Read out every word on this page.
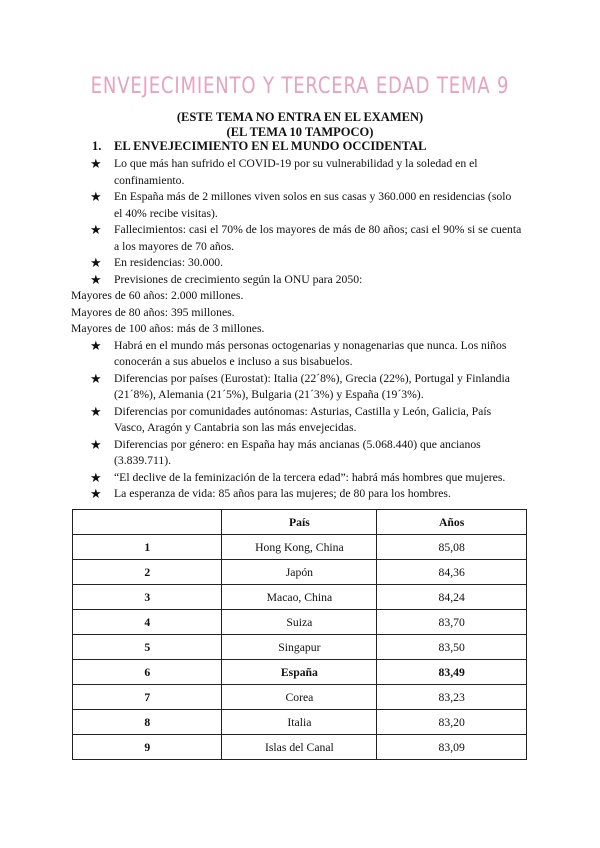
ENVEJECIMIENTO Y TERCERA EDAD TEMA 9
(ESTE TEMA NO ENTRA EN EL EXAMEN)
(EL TEMA 10 TAMPOCO)
1. EL ENVEJECIMIENTO EN EL MUNDO OCCIDENTAL
★ Lo que más han sufrido el COVID-19 por su vulnerabilidad y la soledad en el confinamiento.
★ En España más de 2 millones viven solos en sus casas y 360.000 en residencias (solo el 40% recibe visitas).
★ Fallecimientos: casi el 70% de los mayores de más de 80 años; casi el 90% si se cuenta a los mayores de 70 años.
★ En residencias: 30.000.
★ Previsiones de crecimiento según la ONU para 2050:
Mayores de 60 años: 2.000 millones.
Mayores de 80 años: 395 millones.
Mayores de 100 años: más de 3 millones.
★ Habrá en el mundo más personas octogenarias y nonagenarias que nunca. Los niños conocerán a sus abuelos e incluso a sus bisabuelos.
★ Diferencias por países (Eurostat): Italia (22´8%), Grecia (22%), Portugal y Finlandia (21´8%), Alemania (21´5%), Bulgaria (21´3%) y España (19´3%).
★ Diferencias por comunidades autónomas: Asturias, Castilla y León, Galicia, País Vasco, Aragón y Cantabria son las más envejecidas.
★ Diferencias por género: en España hay más ancianas (5.068.440) que ancianos (3.839.711).
★ “El declive de la feminización de la tercera edad”: habrá más hombres que mujeres.
★ La esperanza de vida: 85 años para las mujeres; de 80 para los hombres.
	País	Años
1	Hong Kong, China	85,08
2	Japón	84,36
3	Macao, China	84,24
4	Suiza	83,70
5	Singapur	83,50
6	España	83,49
7	Corea	83,23
8	Italia	83,20
9	Islas del Canal	83,09
